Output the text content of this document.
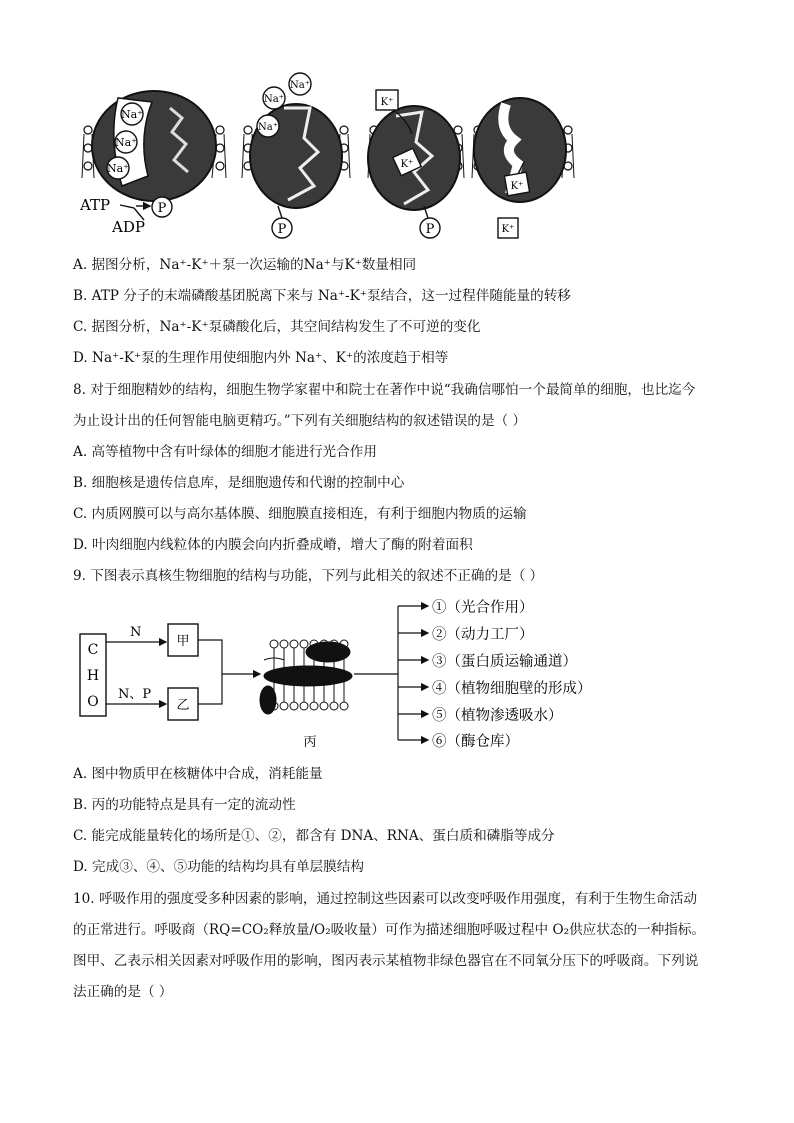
Na⁺
Na⁺
Na⁺
ATP
ADP
P
Na⁺
Na⁺
Na⁺
P
K⁺
K⁺
P
K⁺
K⁺
A. 据图分析，Na⁺-K⁺＋泵一次运输的Na⁺与K⁺数量相同
B. ATP 分子的末端磷酸基团脱离下来与 Na⁺-K⁺泵结合，这一过程伴随能量的转移
C. 据图分析，Na⁺-K⁺泵磷酸化后，其空间结构发生了不可逆的变化
D. Na⁺-K⁺泵的生理作用使细胞内外 Na⁺、K⁺的浓度趋于相等
8. 对于细胞精妙的结构，细胞生物学家翟中和院士在著作中说“我确信哪怕一个最简单的细胞，也比迄今
为止设计出的任何智能电脑更精巧。”下列有关细胞结构的叙述错误的是（ ）
A. 高等植物中含有叶绿体的细胞才能进行光合作用
B. 细胞核是遗传信息库，是细胞遗传和代谢的控制中心
C. 内质网膜可以与高尔基体膜、细胞膜直接相连，有利于细胞内物质的运输
D. 叶肉细胞内线粒体的内膜会向内折叠成嵴，增大了酶的附着面积
9. 下图表示真核生物细胞的结构与功能，下列与此相关的叙述不正确的是（ ）
C
H
O
N
N、P
甲
乙
丙
①（光合作用）
②（动力工厂）
③（蛋白质运输通道）
④（植物细胞壁的形成）
⑤（植物渗透吸水）
⑥（酶仓库）
A. 图中物质甲在核糖体中合成，消耗能量
B. 丙的功能特点是具有一定的流动性
C. 能完成能量转化的场所是①、②，都含有 DNA、RNA、蛋白质和磷脂等成分
D. 完成③、④、⑤功能的结构均具有单层膜结构
10. 呼吸作用的强度受多种因素的影响，通过控制这些因素可以改变呼吸作用强度，有利于生物生命活动
的正常进行。呼吸商（RQ=CO₂释放量/O₂吸收量）可作为描述细胞呼吸过程中 O₂供应状态的一种指标。
图甲、乙表示相关因素对呼吸作用的影响，图丙表示某植物非绿色器官在不同氧分压下的呼吸商。下列说
法正确的是（ ）
